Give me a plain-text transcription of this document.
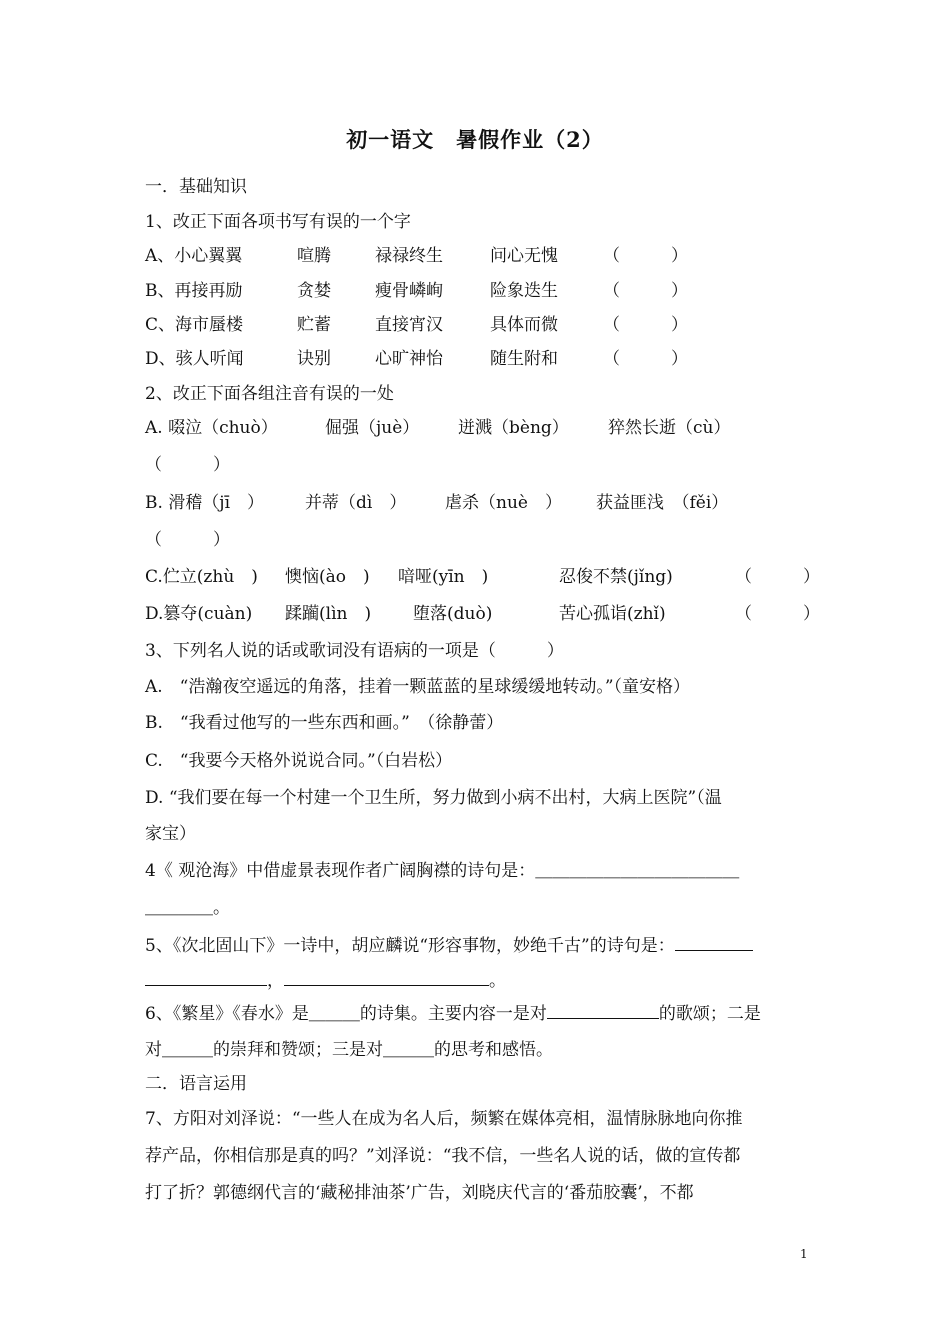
初一语文　暑假作业（2）
一．基础知识
1、改正下面各项书写有误的一个字
A、小心翼翼	喧腾	禄禄终生	问心无愧	（　　　）
B、再接再励	贪婪	瘦骨嶙峋	险象迭生	（　　　）
C、海市蜃楼	贮蓄	直接宵汉	具体而微	（　　　）
D、骇人听闻	诀别	心旷神怡	随生附和	（　　　）
2、改正下面各组注音有误的一处
A. 啜泣（chuò）	倔强（juè） 迸溅（bèng） 猝然长逝（cù）
（　　　）
B. 滑稽（jī　） 并蒂（dì　） 虐杀（nuè　） 获益匪浅　（fěi）
（　　　）
C.伫立(zhù　) 懊恼(ào　) 喑哑(yīn　)	忍俊不禁(jǐng)	（　　　）
D.篡夺(cuàn) 蹂躏(lìn　) 堕落(duò)	苦心孤诣(zhǐ)	（　　　）
3、下列名人说的话或歌词没有语病的一项是（　　　）
A.　“浩瀚夜空遥远的角落，挂着一颗蓝蓝的星球缓缓地转动。”（童安格）
B.　“我看过他写的一些东西和画。”　（徐静蕾）
C.　“我要今天格外说说合同。”（白岩松）
D. “我们要在每一个村建一个卫生所，努力做到小病不出村，大病上医院”（温
家宝）
4《 观沧海》中借虚景表现作者广阔胸襟的诗句是：＿＿＿＿＿＿＿＿＿＿＿＿
＿＿＿＿。
5、《次北固山下》一诗中，胡应麟说“形容事物，妙绝千古”的诗句是：
，	。
6、《繁星》《春水》是＿＿＿的诗集。主要内容一是对	的歌颂；二是
对＿＿＿的崇拜和赞颂；三是对＿＿＿的思考和感悟。
二．语言运用
7、方阳对刘泽说：“一些人在成为名人后，频繁在媒体亮相，温情脉脉地向你推
荐产品，你相信那是真的吗？”刘泽说：“我不信，一些名人说的话，做的宣传都
打了折？郭德纲代言的‘藏秘排油茶’广告，刘晓庆代言的‘番茄胶囊’，不都
1
